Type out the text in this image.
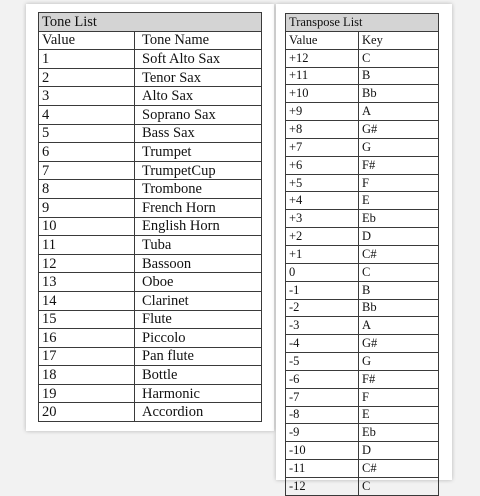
Tone List	
Value	Tone Name
1	Soft Alto Sax
2	Tenor Sax
3	Alto Sax
4	Soprano Sax
5	Bass Sax
6	Trumpet
7	TrumpetCup
8	Trombone
9	French Horn
10	English Horn
11	Tuba
12	Bassoon
13	Oboe
14	Clarinet
15	Flute
16	Piccolo
17	Pan flute
18	Bottle
19	Harmonic
20	Accordion
Transpose List	
Value	Key
+12	C
+11	B
+10	Bb
+9	A
+8	G#
+7	G
+6	F#
+5	F
+4	E
+3	Eb
+2	D
+1	C#
0	C
-1	B
-2	Bb
-3	A
-4	G#
-5	G
-6	F#
-7	F
-8	E
-9	Eb
-10	D
-11	C#
-12	C
